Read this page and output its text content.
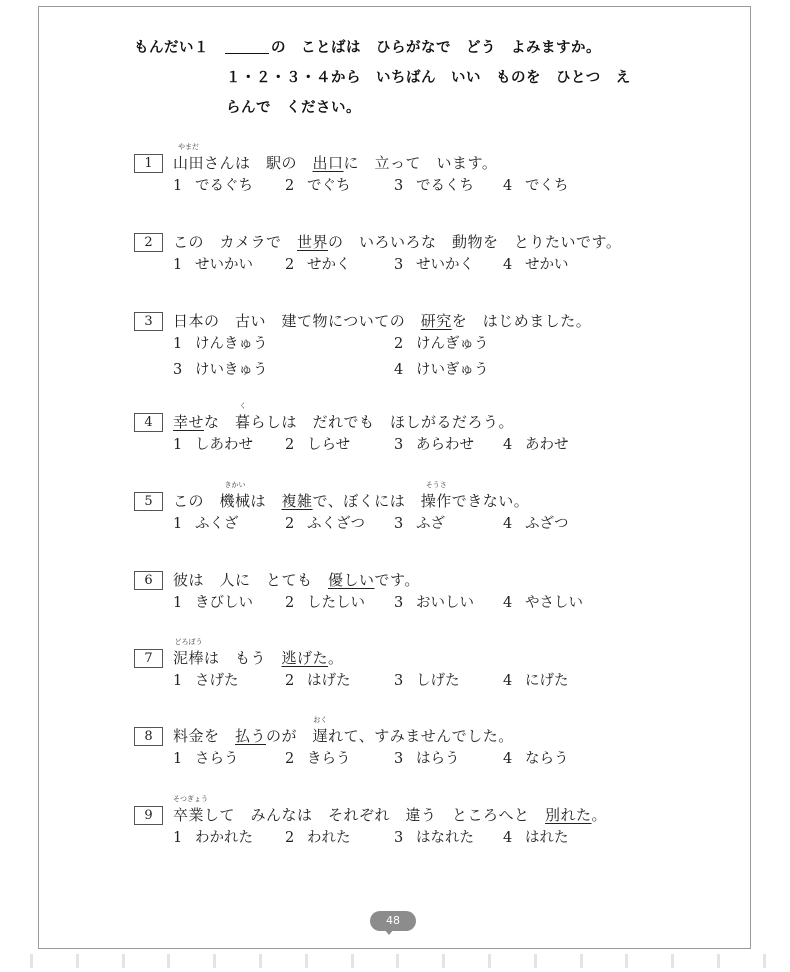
もんだい１	の　ことばは　ひらがなで　どう　よみますか。
１・２・３・４から　いちばん　いい　ものを　ひとつ　え
らんで　ください。
1
やまだ
山田さんは　駅の　出口に　立って　います。
1 でるぐち 2 でぐち	3 でるくち 4 でくち
2	この　カメラで　世界の　いろいろな　動物を　とりたいです。
1 せいかい 2 せかく	3 せいかく 4 せかい
3	日本の　古い　建て物についての　研究を　はじめました。
1 けんきゅう	2 けんぎゅう
3 けいきゅう	4 けいぎゅう
4	幸せな　
く
暮らしは　だれでも　ほしがるだろう。
1 しあわせ 2 しらせ	3 あらわせ 4 あわせ
5	この　
きかい
機械は　複雑で、ぼくには　
そうさ
操作できない。
1 ふくざ	2 ふくざつ 3 ふざ	4 ふざつ
6	彼は　人に　とても　優しいです。
1 きびしい 2 したしい 3 おいしい 4 やさしい
7
どろぼう
泥棒は　もう　逃げた。
1 さげた	2 はげた	3 しげた	4 にげた
8	料金を　払うのが　
おく
遅れて、すみませんでした。
1 さらう	2 きらう	3 はらう	4 ならう
9
そつぎょう
卒業して　みんなは　それぞれ　違う　ところへと　別れた。
1 わかれた 2 われた	3 はなれた 4 はれた
48
